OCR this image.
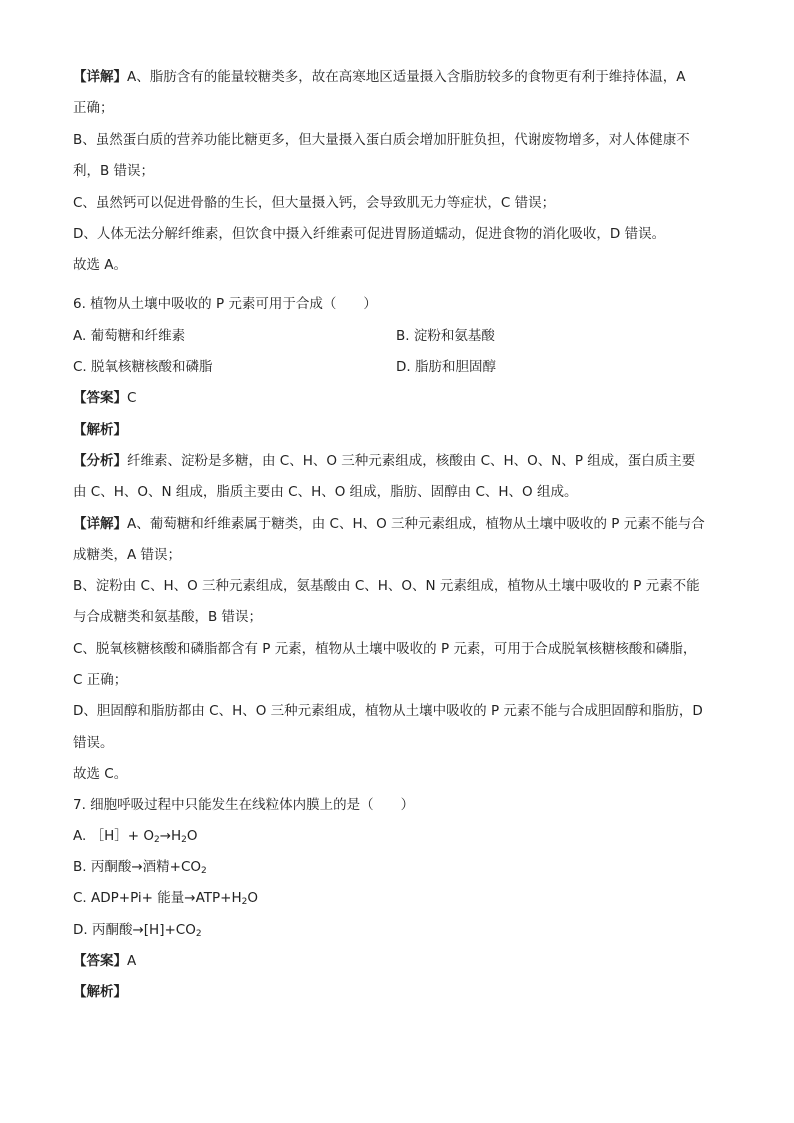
【详解】A、脂肪含有的能量较糖类多，故在高寒地区适量摄入含脂肪较多的食物更有利于维持体温，A
正确；
B、虽然蛋白质的营养功能比糖更多，但大量摄入蛋白质会增加肝脏负担，代谢废物增多，对人体健康不
利，B 错误；
C、虽然钙可以促进骨骼的生长，但大量摄入钙，会导致肌无力等症状，C 错误；
D、人体无法分解纤维素，但饮食中摄入纤维素可促进胃肠道蠕动，促进食物的消化吸收，D 错误。
故选 A。
6. 植物从土壤中吸收的 P 元素可用于合成（　　）
A. 葡萄糖和纤维素	B. 淀粉和氨基酸
C. 脱氧核糖核酸和磷脂	D. 脂肪和胆固醇
【答案】C
【解析】
【分析】纤维素、淀粉是多糖，由 C、H、O 三种元素组成，核酸由 C、H、O、N、P 组成，蛋白质主要
由 C、H、O、N 组成，脂质主要由 C、H、O 组成，脂肪、固醇由 C、H、O 组成。
【详解】A、葡萄糖和纤维素属于糖类，由 C、H、O 三种元素组成，植物从土壤中吸收的 P 元素不能与合
成糖类，A 错误；
B、淀粉由 C、H、O 三种元素组成，氨基酸由 C、H、O、N 元素组成，植物从土壤中吸收的 P 元素不能
与合成糖类和氨基酸，B 错误；
C、脱氧核糖核酸和磷脂都含有 P 元素，植物从土壤中吸收的 P 元素，可用于合成脱氧核糖核酸和磷脂，
C 正确；
D、胆固醇和脂肪都由 C、H、O 三种元素组成，植物从土壤中吸收的 P 元素不能与合成胆固醇和脂肪，D
错误。
故选 C。
7. 细胞呼吸过程中只能发生在线粒体内膜上的是（　　）
A. ［H］+ $O_2\to H_2O$
B. 丙酮酸→酒精$+CO_2$
C. ADP+Pi+ 能量$\to ATP+H_2O$
D. 丙酮酸$\to[H]+CO_2$
【答案】A
【解析】
